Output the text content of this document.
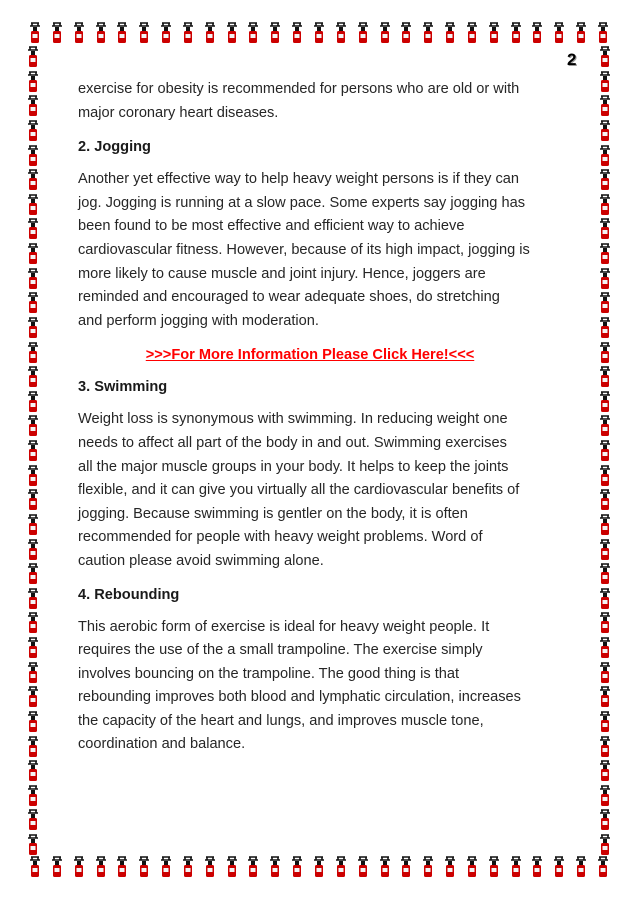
2

exercise for obesity is recommended for persons who are old or with
major coronary heart diseases.

2. Jogging

Another yet effective way to help heavy weight persons is if they can
jog. Jogging is running at a slow pace. Some experts say jogging has
been found to be most effective and efficient way to achieve
cardiovascular fitness. However, because of its high impact, jogging is
more likely to cause muscle and joint injury. Hence, joggers are
reminded and encouraged to wear adequate shoes, do stretching
and perform jogging with moderation.

>>>For More Information Please Click Here!<<<

3. Swimming

Weight loss is synonymous with swimming. In reducing weight one
needs to affect all part of the body in and out. Swimming exercises
all the major muscle groups in your body. It helps to keep the joints
flexible, and it can give you virtually all the cardiovascular benefits of
jogging. Because swimming is gentler on the body, it is often
recommended for people with heavy weight problems. Word of
caution please avoid swimming alone.

4. Rebounding

This aerobic form of exercise is ideal for heavy weight people. It
requires the use of the a small trampoline. The exercise simply
involves bouncing on the trampoline. The good thing is that
rebounding improves both blood and lymphatic circulation, increases
the capacity of the heart and lungs, and improves muscle tone,
coordination and balance.
